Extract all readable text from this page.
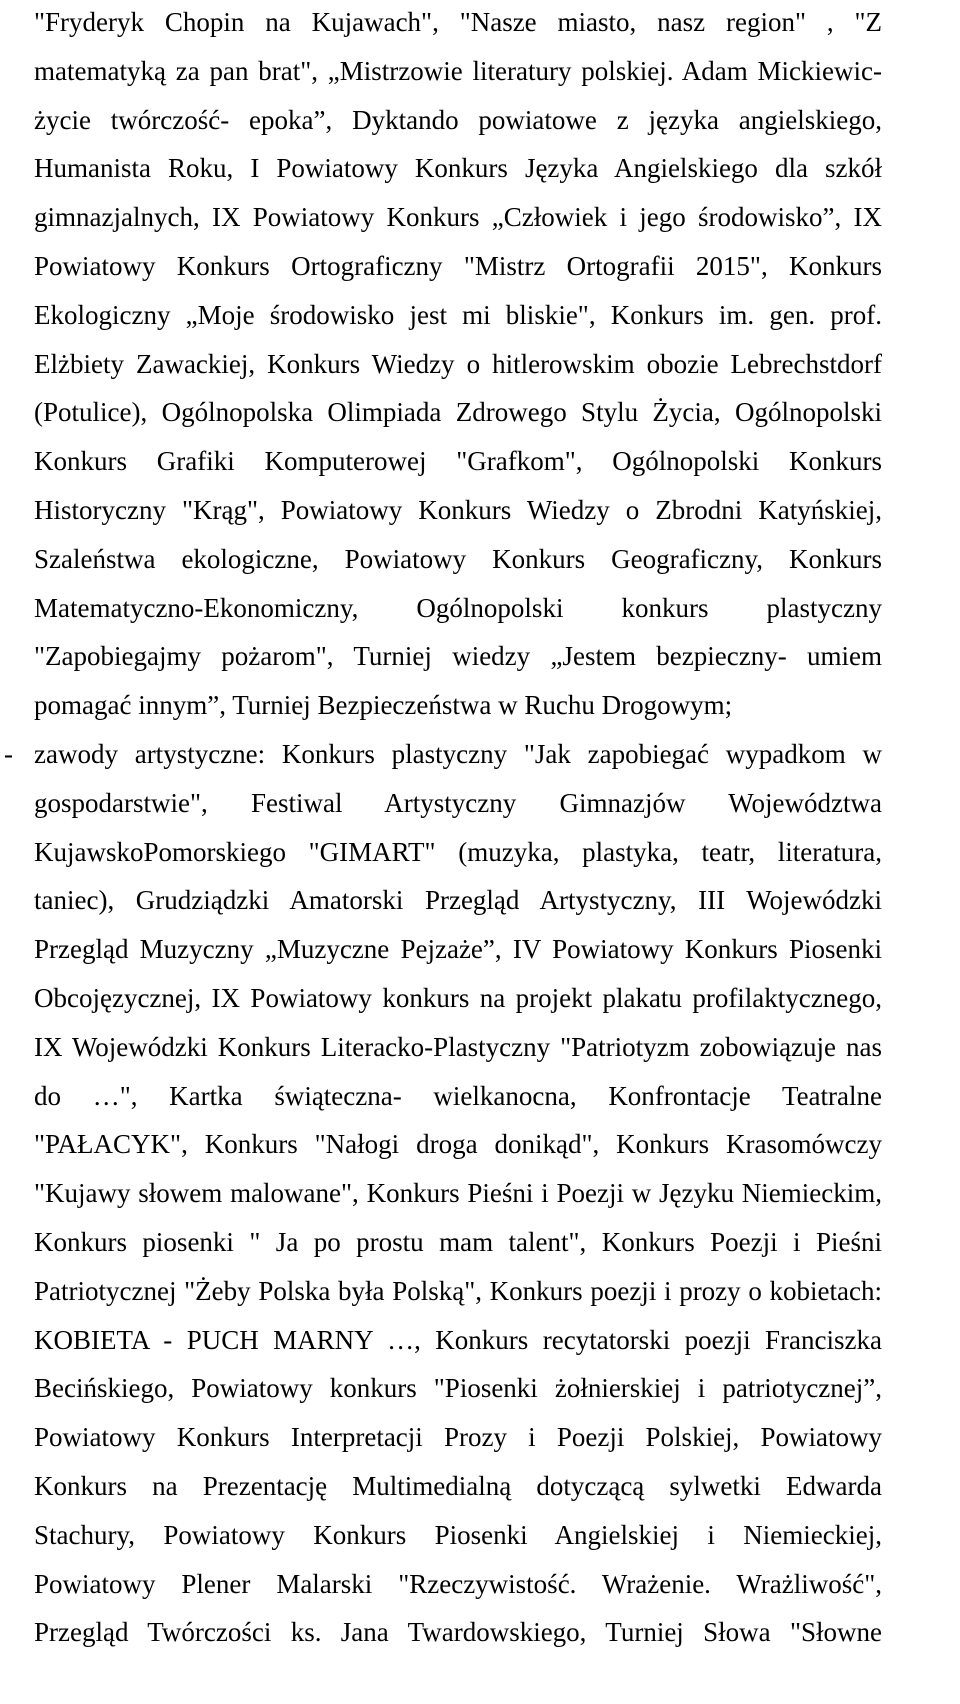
"Fryderyk Chopin na Kujawach", "Nasze miasto, nasz region" , "Z
matematyką za pan brat", „Mistrzowie literatury polskiej. Adam Mickiewic-
życie twórczość- epoka”, Dyktando powiatowe z języka angielskiego,
Humanista Roku, I Powiatowy Konkurs Języka Angielskiego dla szkół
gimnazjalnych, IX Powiatowy Konkurs „Człowiek i jego środowisko”, IX
Powiatowy Konkurs Ortograficzny "Mistrz Ortografii 2015", Konkurs
Ekologiczny „Moje środowisko jest mi bliskie", Konkurs im. gen. prof.
Elżbiety Zawackiej, Konkurs Wiedzy o hitlerowskim obozie Lebrechstdorf
(Potulice), Ogólnopolska Olimpiada Zdrowego Stylu Życia, Ogólnopolski
Konkurs Grafiki Komputerowej "Grafkom", Ogólnopolski Konkurs
Historyczny "Krąg", Powiatowy Konkurs Wiedzy o Zbrodni Katyńskiej,
Szaleństwa ekologiczne, Powiatowy Konkurs Geograficzny, Konkurs
Matematyczno-Ekonomiczny, Ogólnopolski konkurs plastyczny
"Zapobiegajmy pożarom", Turniej wiedzy „Jestem bezpieczny- umiem
pomagać innym”, Turniej Bezpieczeństwa w Ruchu Drogowym;
- zawody artystyczne: Konkurs plastyczny "Jak zapobiegać wypadkom w
gospodarstwie", Festiwal Artystyczny Gimnazjów Województwa
KujawskoPomorskiego "GIMART" (muzyka, plastyka, teatr, literatura,
taniec), Grudziądzki Amatorski Przegląd Artystyczny, III Wojewódzki
Przegląd Muzyczny „Muzyczne Pejzaże”, IV Powiatowy Konkurs Piosenki
Obcojęzycznej, IX Powiatowy konkurs na projekt plakatu profilaktycznego,
IX Wojewódzki Konkurs Literacko-Plastyczny "Patriotyzm zobowiązuje nas
do …", Kartka świąteczna- wielkanocna, Konfrontacje Teatralne
"PAŁACYK", Konkurs "Nałogi droga donikąd", Konkurs Krasomówczy
"Kujawy słowem malowane", Konkurs Pieśni i Poezji w Języku Niemieckim,
Konkurs piosenki " Ja po prostu mam talent", Konkurs Poezji i Pieśni
Patriotycznej "Żeby Polska była Polską", Konkurs poezji i prozy o kobietach:
KOBIETA - PUCH MARNY …, Konkurs recytatorski poezji Franciszka
Becińskiego, Powiatowy konkurs "Piosenki żołnierskiej i patriotycznej”,
Powiatowy Konkurs Interpretacji Prozy i Poezji Polskiej, Powiatowy
Konkurs na Prezentację Multimedialną dotyczącą sylwetki Edwarda
Stachury, Powiatowy Konkurs Piosenki Angielskiej i Niemieckiej,
Powiatowy Plener Malarski "Rzeczywistość. Wrażenie. Wrażliwość",
Przegląd Twórczości ks. Jana Twardowskiego, Turniej Słowa "Słowne
